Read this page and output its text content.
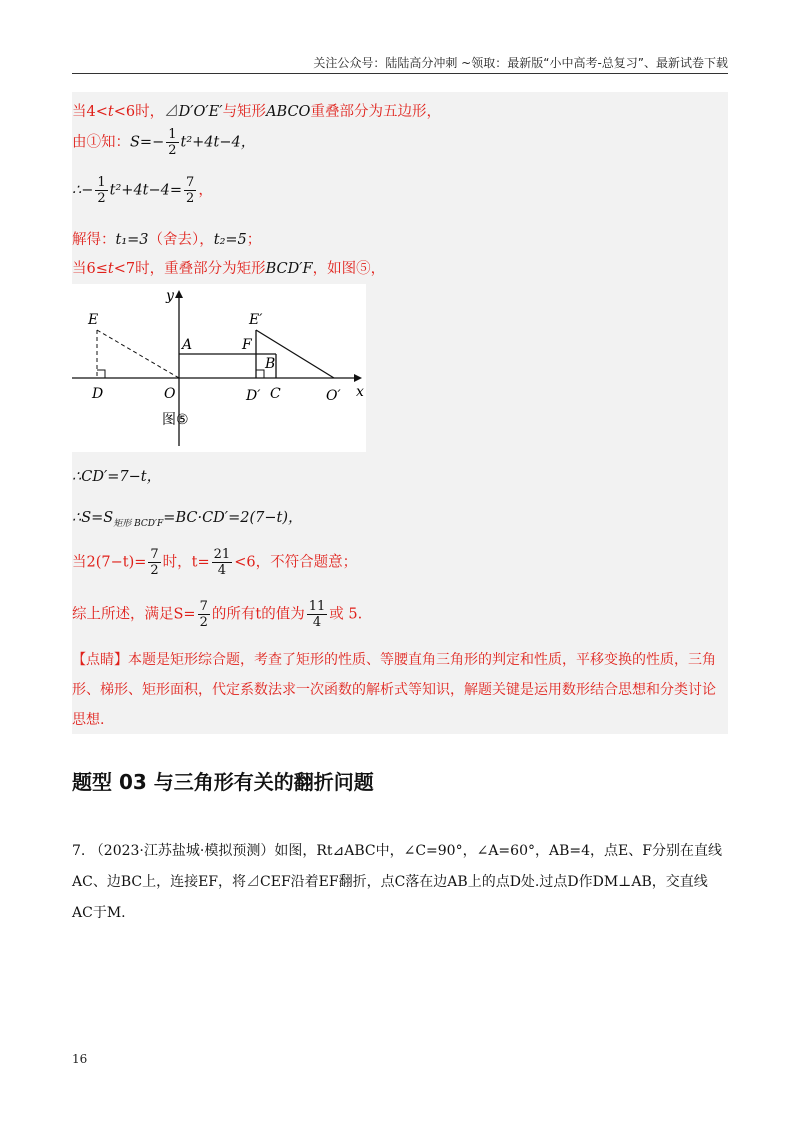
关注公众号：陆陆高分冲刺 ~领取：最新版“小中高考-总复习”、最新试卷下载
当4<t<6时，⊿D′O′E′与矩形ABCO重叠部分为五边形，
由①知：$S=- \frac{1}{2} t^2+4t-4$，
∴− $\frac{1}{2} t^2+4t-4= \frac{7}{2}$ ，
解得：t₁=3（舍去），t₂=5；
当6≤t<7时，重叠部分为矩形BCD′F，如图⑤，
y
x
E	E′
A	F
B
D	O	D′ C	O′
图⑤
∴CD′=7−t，
$\therefore S=S_{矩形 BCD'F}=BC\cdot CD'=2(7-t)$，
当$2(7-t)= \frac{7}{2}$ 时，$t= \frac{21}{4} <6$，不符合题意；
综上所述，满足$S= \frac{7}{2}$ 的所有t的值为 $\frac{11}{4}$ 或 5.
【点睛】本题是矩形综合题，考查了矩形的性质、等腰直角三角形的判定和性质，平移变换的性质，三角形、梯形、矩形面积，代定系数法求一次函数的解析式等知识，解题关键是运用数形结合思想和分类讨论思想.
题型 03 与三角形有关的翻折问题
7. （2023·江苏盐城·模拟预测）如图，Rt⊿ABC中，∠C=90°，∠A=60°，AB=4，点E、F分别在直线AC、边BC上，连接EF，将⊿CEF沿着EF翻折，点C落在边AB上的点D处.过点D作DM⊥AB，交直线AC于M.
16
